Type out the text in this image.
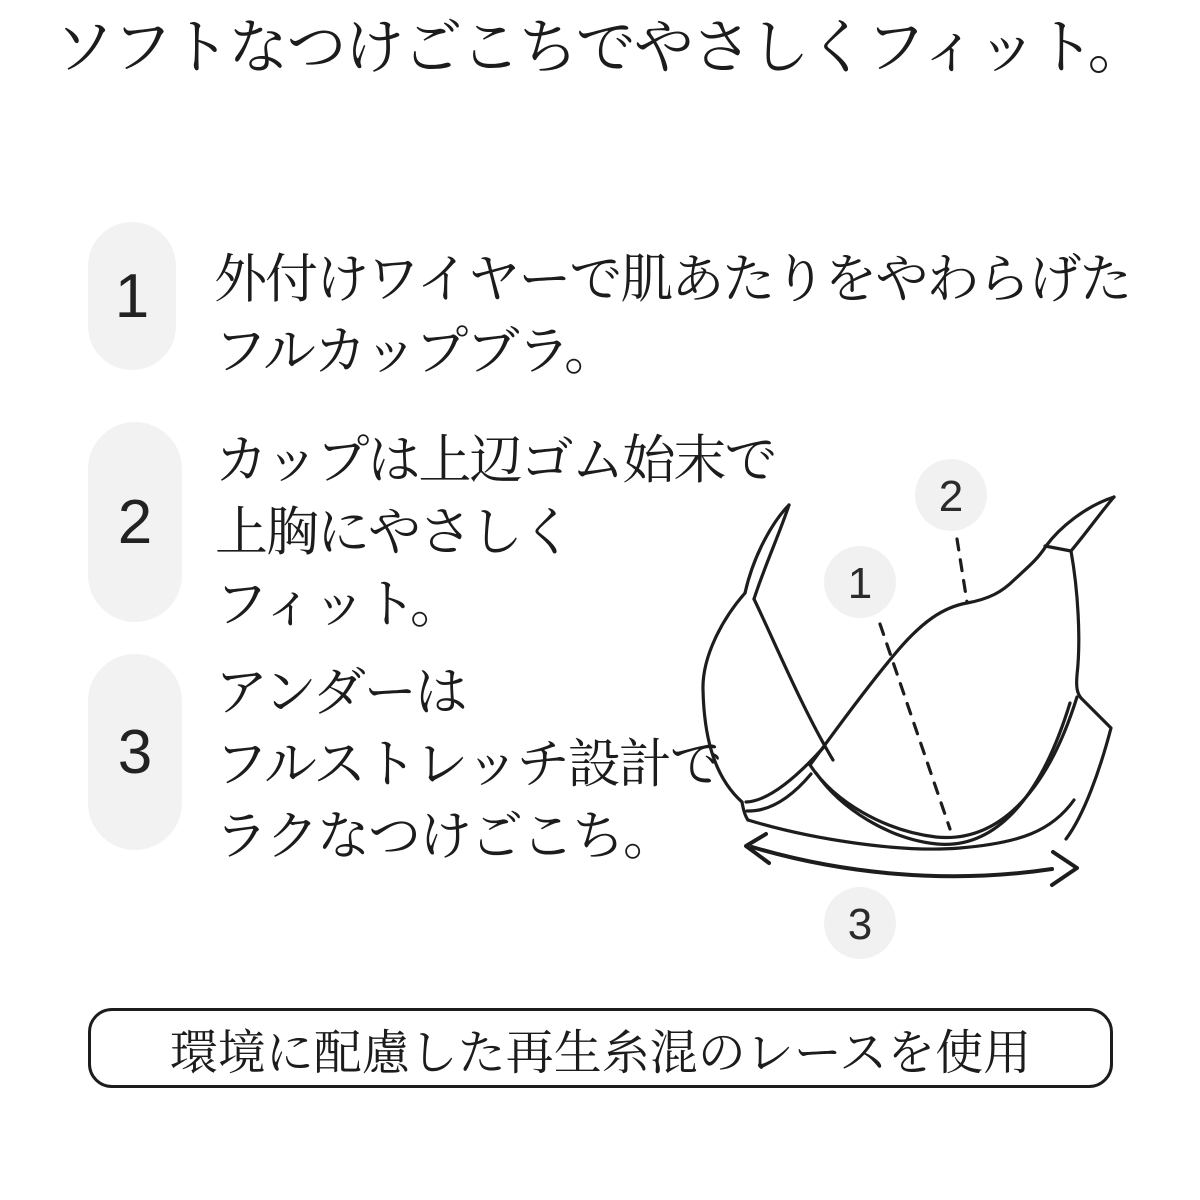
ソフトなつけごこちでやさしくフィット。
1 外付けワイヤーで肌あたりをやわらげた
フルカップブラ。
2
カップは上辺ゴム始末で
上胸にやさしく
フィット。
3
アンダーは
フルストレッチ設計で
ラクなつけごこち。
1
2
3
環境に配慮した再生糸混のレースを使用
